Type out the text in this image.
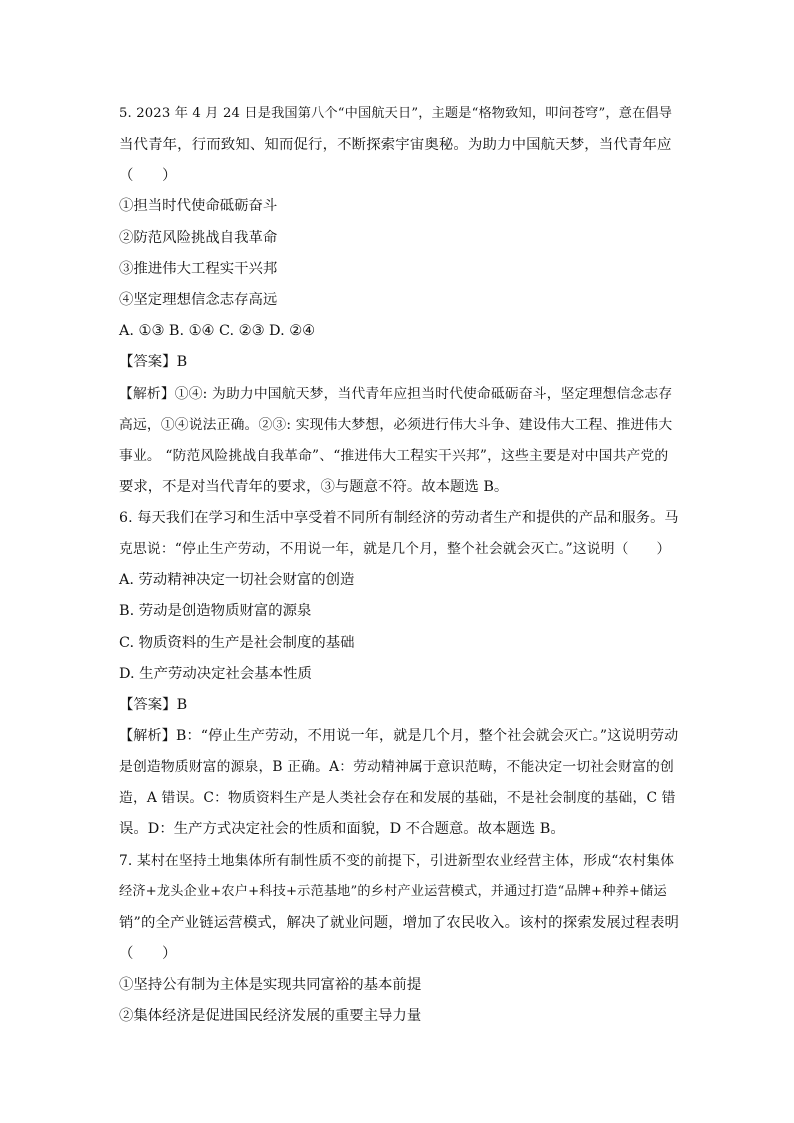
5. 2023 年 4 月 24 日是我国第八个“中国航天日”，主题是“格物致知，叩问苍穹”，意在倡导
当代青年，行而致知、知而促行，不断探索宇宙奥秘。为助力中国航天梦，当代青年应
（　　）
①担当时代使命砥砺奋斗
②防范风险挑战自我革命
③推进伟大工程实干兴邦
④坚定理想信念志存高远
A. ①③ B. ①④ C. ②③ D. ②④
【答案】B
【解析】①④: 为助力中国航天梦，当代青年应担当时代使命砥砺奋斗，坚定理想信念志存
高远，①④说法正确。②③: 实现伟大梦想，必须进行伟大斗争、建设伟大工程、推进伟大
事业。 “防范风险挑战自我革命”、“推进伟大工程实干兴邦”，这些主要是对中国共产党的
要求，不是对当代青年的要求，③与题意不符。故本题选 B。
6. 每天我们在学习和生活中享受着不同所有制经济的劳动者生产和提供的产品和服务。马
克思说：“停止生产劳动，不用说一年，就是几个月，整个社会就会灭亡。”这说明（　　）
A. 劳动精神决定一切社会财富的创造
B. 劳动是创造物质财富的源泉
C. 物质资料的生产是社会制度的基础
D. 生产劳动决定社会基本性质
【答案】B
【解析】B：“停止生产劳动，不用说一年，就是几个月，整个社会就会灭亡。”这说明劳动
是创造物质财富的源泉，B 正确。A：劳动精神属于意识范畴，不能决定一切社会财富的创
造，A 错误。C：物质资料生产是人类社会存在和发展的基础，不是社会制度的基础，C 错
误。D：生产方式决定社会的性质和面貌，D 不合题意。故本题选 B。
7. 某村在坚持土地集体所有制性质不变的前提下，引进新型农业经营主体，形成“农村集体
经济+龙头企业+农户+科技+示范基地”的乡村产业运营模式，并通过打造“品牌+种养+储运
销”的全产业链运营模式，解决了就业问题，增加了农民收入。该村的探索发展过程表明
（　　）
①坚持公有制为主体是实现共同富裕的基本前提
②集体经济是促进国民经济发展的重要主导力量
